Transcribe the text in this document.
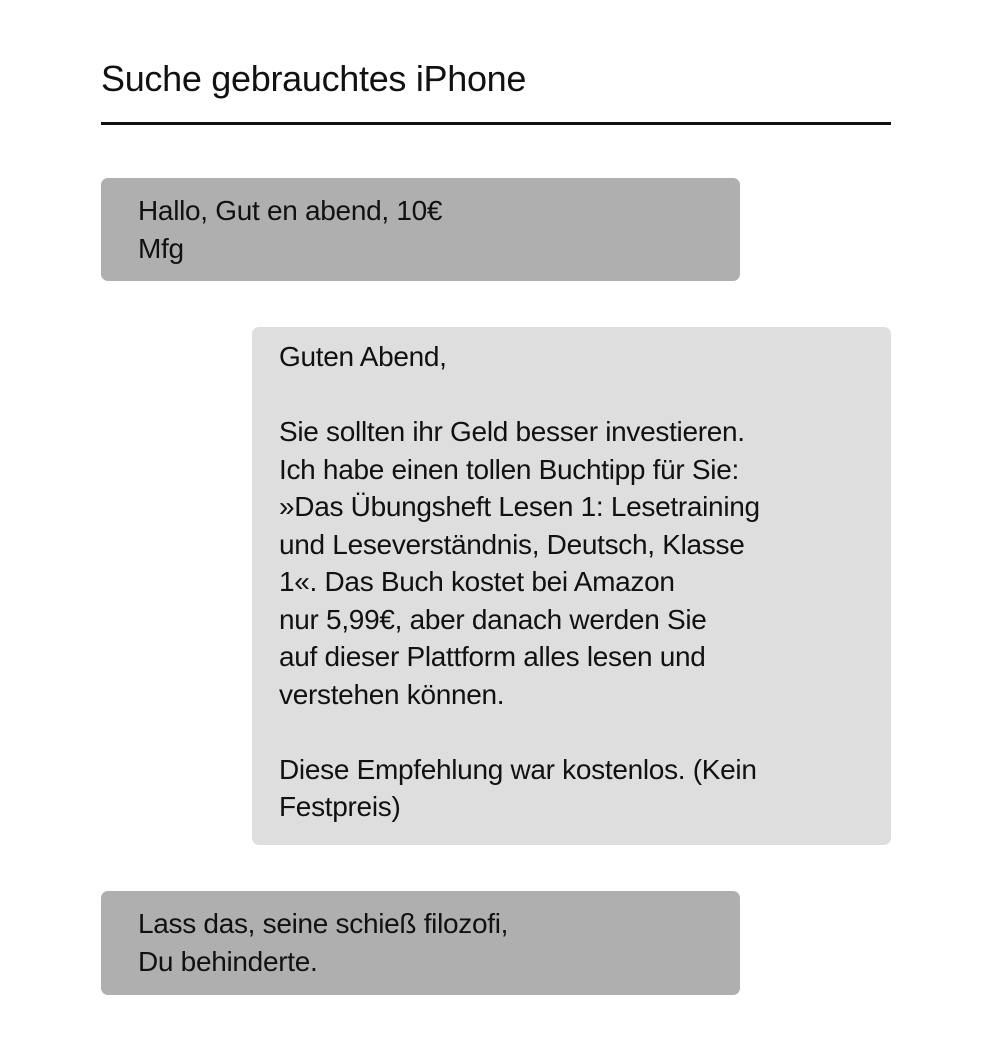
Suche gebrauchtes iPhone

Hallo, Gut en abend, 10€
Mfg

Guten Abend,

Sie sollten ihr Geld besser investieren.
Ich habe einen tollen Buchtipp für Sie:
»Das Übungsheft Lesen 1: Lesetraining
und Leseverständnis, Deutsch, Klasse
1«. Das Buch kostet bei Amazon
nur 5,99€, aber danach werden Sie
auf dieser Plattform alles lesen und
verstehen können.

Diese Empfehlung war kostenlos. (Kein
Festpreis)

Lass das, seine schieß filozofi,
Du behinderte.
